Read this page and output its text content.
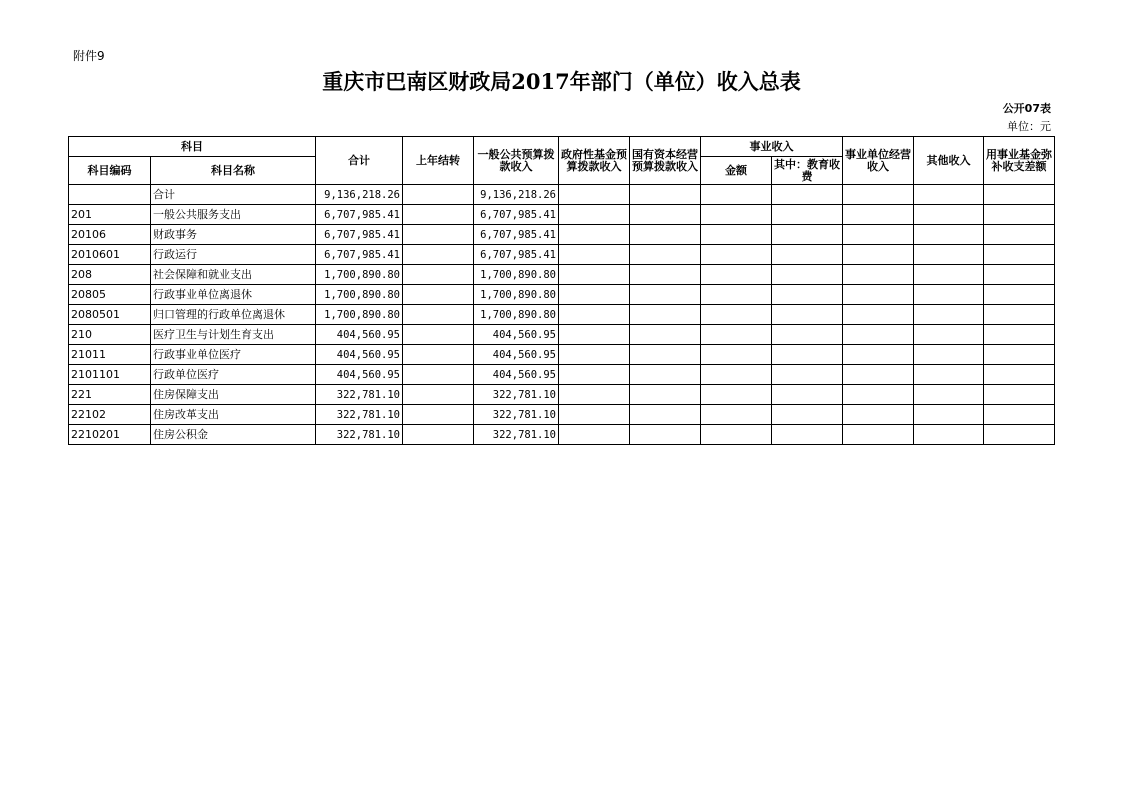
附件9
重庆市巴南区财政局2017年部门（单位）收入总表
公开07表
单位：元
科目		合计	上年结转	一般公共预算拨款收入	政府性基金预算拨款收入	国有资本经营预算拨款收入	事业收入		事业单位经营收入	其他收入	用事业基金弥补收支差额
科目编码	科目名称						金额	其中：教育收费			
	合计	9,136,218.26		9,136,218.26							
201	一般公共服务支出	6,707,985.41		6,707,985.41							
20106	财政事务	6,707,985.41		6,707,985.41							
2010601	行政运行	6,707,985.41		6,707,985.41							
208	社会保障和就业支出	1,700,890.80		1,700,890.80							
20805	行政事业单位离退休	1,700,890.80		1,700,890.80							
2080501	归口管理的行政单位离退休	1,700,890.80		1,700,890.80							
210	医疗卫生与计划生育支出	404,560.95		404,560.95							
21011	行政事业单位医疗	404,560.95		404,560.95							
2101101	行政单位医疗	404,560.95		404,560.95							
221	住房保障支出	322,781.10		322,781.10							
22102	住房改革支出	322,781.10		322,781.10							
2210201	住房公积金	322,781.10		322,781.10							
